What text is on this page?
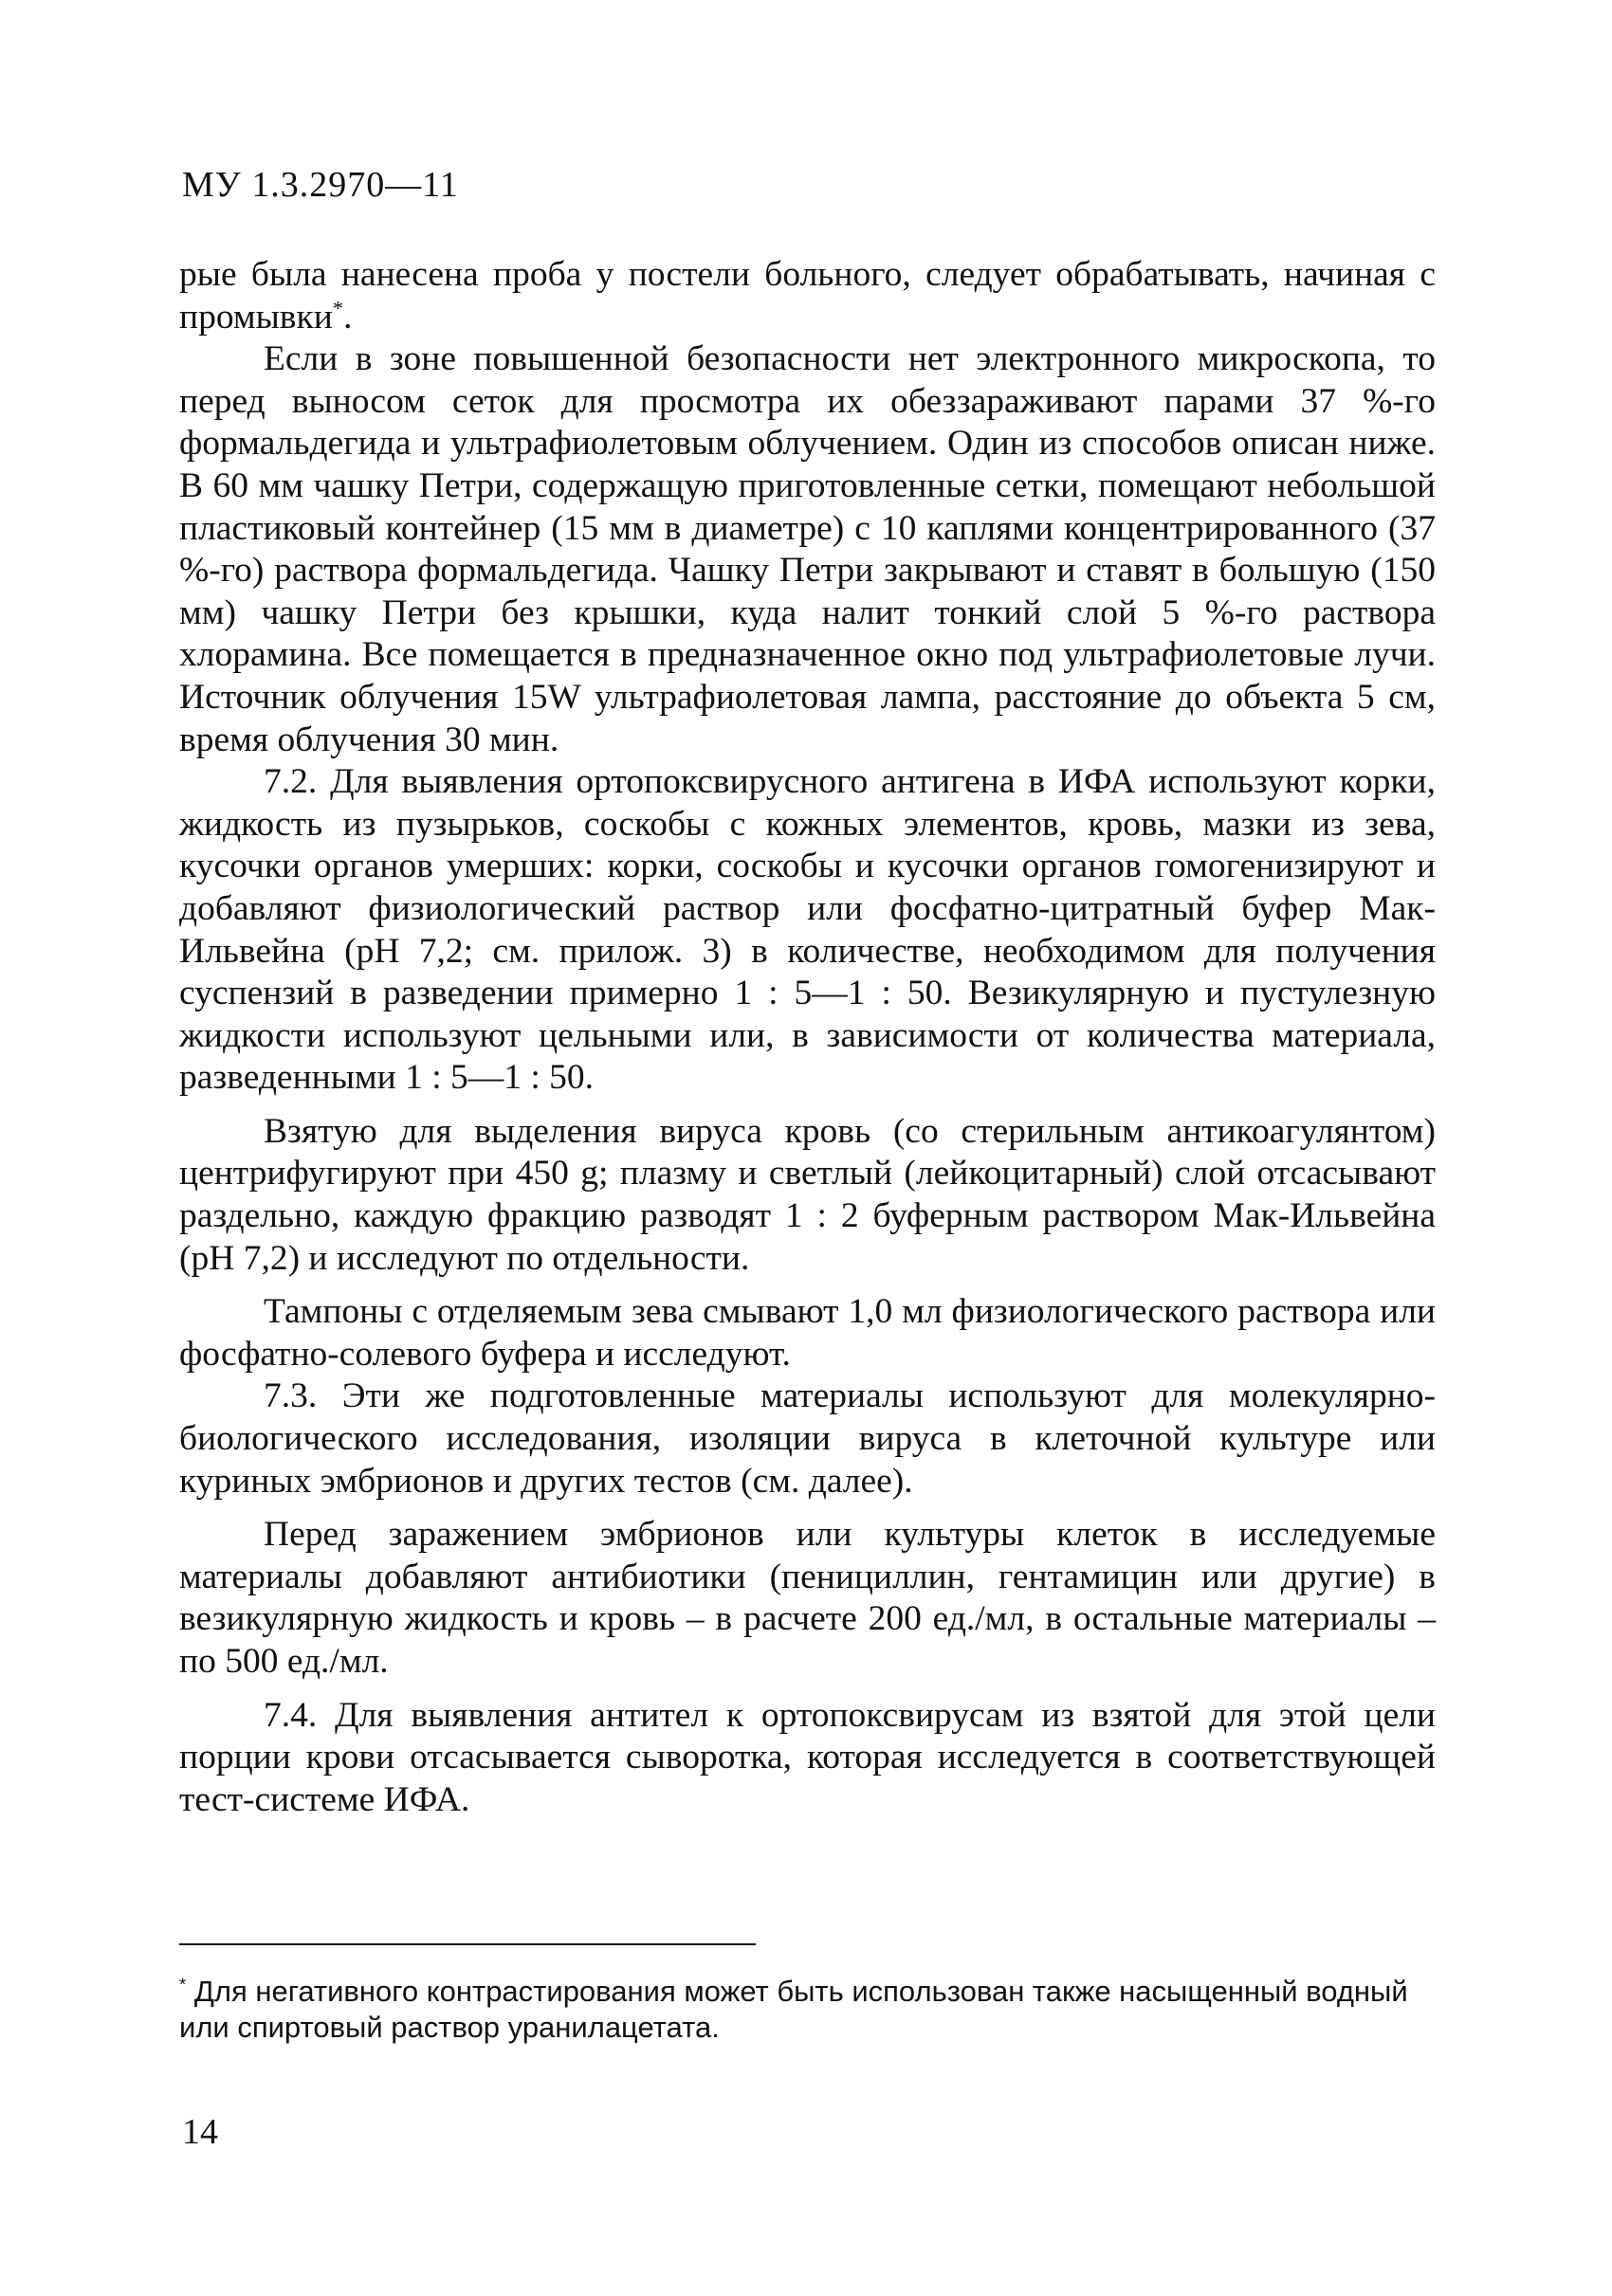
МУ 1.3.2970—11

рые была нанесена проба у постели больного, следует обрабатывать, начиная с промывки*.

Если в зоне повышенной безопасности нет электронного микроскопа, то перед выносом сеток для просмотра их обеззараживают парами 37 %-го формальдегида и ультрафиолетовым облучением. Один из способов описан ниже. В 60 мм чашку Петри, содержащую приготовленные сетки, помещают небольшой пластиковый контейнер (15 мм в диаметре) с 10 каплями концентрированного (37 %-го) раствора формальдегида. Чашку Петри закрывают и ставят в большую (150 мм) чашку Петри без крышки, куда налит тонкий слой 5 %-го раствора хлорамина. Все помещается в предназначенное окно под ультрафиолетовые лучи. Источник облучения 15W ультрафиолетовая лампа, расстояние до объекта 5 см, время облучения 30 мин.

7.2. Для выявления ортопоксвирусного антигена в ИФА используют корки, жидкость из пузырьков, соскобы с кожных элементов, кровь, мазки из зева, кусочки органов умерших: корки, соскобы и кусочки органов гомогенизируют и добавляют физиологический раствор или фосфатно-цитратный буфер Мак-Ильвейна (рН 7,2; см. прилож. 3) в количестве, необходимом для получения суспензий в разведении примерно 1 : 5—1 : 50. Везикулярную и пустулезную жидкости используют цельными или, в зависимости от количества материала, разведенными 1 : 5—1 : 50.

Взятую для выделения вируса кровь (со стерильным антикоагулянтом) центрифугируют при 450 g; плазму и светлый (лейкоцитарный) слой отсасывают раздельно, каждую фракцию разводят 1 : 2 буферным раствором Мак-Ильвейна (рН 7,2) и исследуют по отдельности.

Тампоны с отделяемым зева смывают 1,0 мл физиологического раствора или фосфатно-солевого буфера и исследуют.

7.3. Эти же подготовленные материалы используют для молекулярно-биологического исследования, изоляции вируса в клеточной культуре или куриных эмбрионов и других тестов (см. далее).

Перед заражением эмбрионов или культуры клеток в исследуемые материалы добавляют антибиотики (пенициллин, гентамицин или другие) в везикулярную жидкость и кровь – в расчете 200 ед./мл, в остальные материалы – по 500 ед./мл.

7.4. Для выявления антител к ортопоксвирусам из взятой для этой цели порции крови отсасывается сыворотка, которая исследуется в соответствующей тест-системе ИФА.

* Для негативного контрастирования может быть использован также насыщенный водный или спиртовый раствор уранилацетата.
14
